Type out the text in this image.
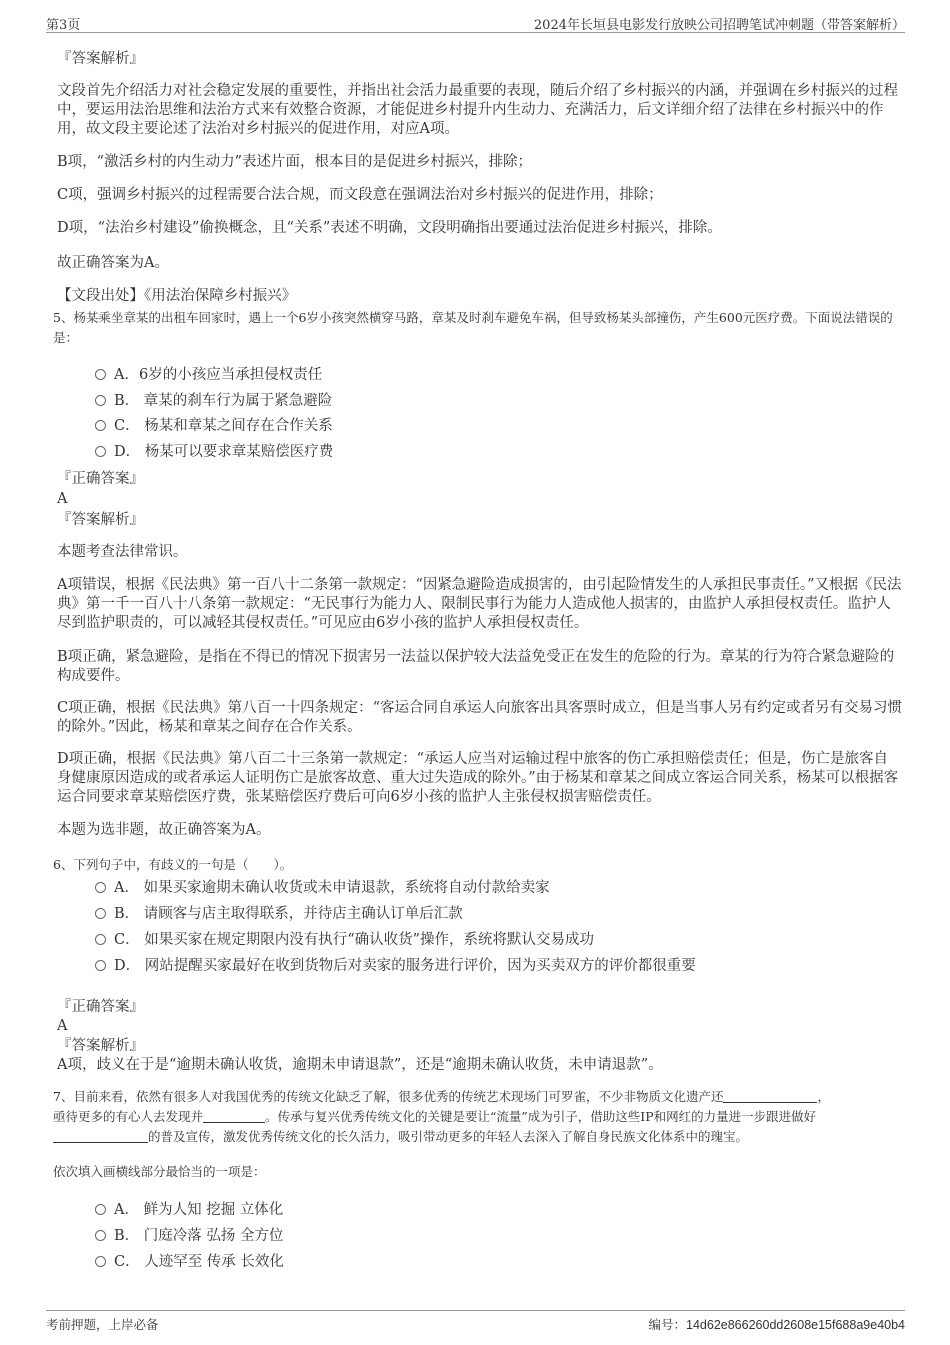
第3页	2024年长垣县电影发行放映公司招聘笔试冲刺题（带答案解析）
『答案解析』
文段首先介绍活力对社会稳定发展的重要性，并指出社会活力最重要的表现，随后介绍了乡村振兴的内涵，并强调在乡村振兴的过程中，要运用法治思维和法治方式来有效整合资源，才能促进乡村提升内生动力、充满活力，后文详细介绍了法律在乡村振兴中的作用，故文段主要论述了法治对乡村振兴的促进作用，对应A项。
B项，“激活乡村的内生动力”表述片面，根本目的是促进乡村振兴，排除；
C项，强调乡村振兴的过程需要合法合规，而文段意在强调法治对乡村振兴的促进作用，排除；
D项，“法治乡村建设”偷换概念，且“关系”表述不明确，文段明确指出要通过法治促进乡村振兴，排除。
故正确答案为A。
【文段出处】《用法治保障乡村振兴》
5、杨某乘坐章某的出租车回家时，遇上一个6岁小孩突然横穿马路，章某及时刹车避免车祸，但导致杨某头部撞伤，产生600元医疗费。下面说法错误的是：
A．6岁的小孩应当承担侵权责任
B． 章某的刹车行为属于紧急避险
C． 杨某和章某之间存在合作关系
D． 杨某可以要求章某赔偿医疗费
『正确答案』
A
『答案解析』
本题考查法律常识。
A项错误，根据《民法典》第一百八十二条第一款规定：“因紧急避险造成损害的，由引起险情发生的人承担民事责任。”又根据《民法典》第一千一百八十八条第一款规定：“无民事行为能力人、限制民事行为能力人造成他人损害的，由监护人承担侵权责任。监护人尽到监护职责的，可以减轻其侵权责任。”可见应由6岁小孩的监护人承担侵权责任。
B项正确，紧急避险，是指在不得已的情况下损害另一法益以保护较大法益免受正在发生的危险的行为。章某的行为符合紧急避险的构成要件。
C项正确，根据《民法典》第八百一十四条规定：“客运合同自承运人向旅客出具客票时成立，但是当事人另有约定或者另有交易习惯的除外。”因此，杨某和章某之间存在合作关系。
D项正确，根据《民法典》第八百二十三条第一款规定：“承运人应当对运输过程中旅客的伤亡承担赔偿责任；但是，伤亡是旅客自身健康原因造成的或者承运人证明伤亡是旅客故意、重大过失造成的除外。”由于杨某和章某之间成立客运合同关系，杨某可以根据客运合同要求章某赔偿医疗费，张某赔偿医疗费后可向6岁小孩的监护人主张侵权损害赔偿责任。
本题为选非题，故正确答案为A。
6、下列句子中，有歧义的一句是（　　）。
A． 如果买家逾期未确认收货或未申请退款，系统将自动付款给卖家
B． 请顾客与店主取得联系，并待店主确认订单后汇款
C． 如果买家在规定期限内没有执行“确认收货”操作，系统将默认交易成功
D． 网站提醒买家最好在收到货物后对卖家的服务进行评价，因为买卖双方的评价都很重要
『正确答案』
A
『答案解析』
A项，歧义在于是“逾期未确认收货，逾期未申请退款”，还是“逾期未确认收货，未申请退款”。
7、目前来看，依然有很多人对我国优秀的传统文化缺乏了解，很多优秀的传统艺术现场门可罗雀，不少非物质文化遗产还	，
亟待更多的有心人去发现并	。传承与复兴优秀传统文化的关键是要让“流量”成为引子，借助这些IP和网红的力量进一步跟进做好
的普及宣传，激发优秀传统文化的长久活力，吸引带动更多的年轻人去深入了解自身民族文化体系中的瑰宝。
依次填入画横线部分最恰当的一项是：
A． 鲜为人知 挖掘 立体化
B． 门庭冷落 弘扬 全方位
C． 人迹罕至 传承 长效化
考前押题，上岸必备	编号：14d62e866260dd2608e15f688a9e40b4
